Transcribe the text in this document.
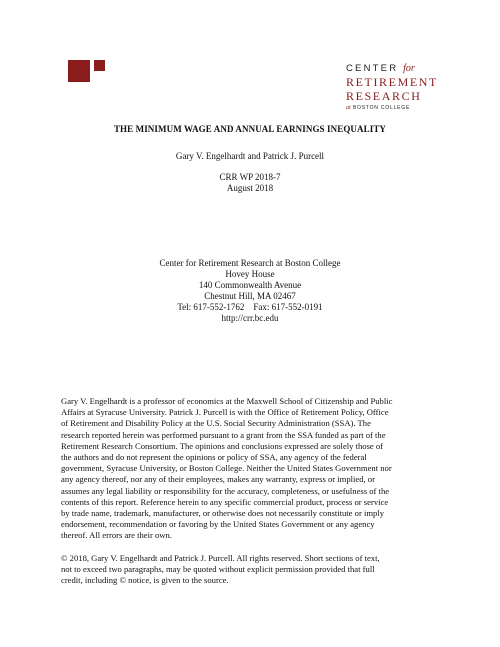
CENTER for
RETIREMENT
RESEARCH
at BOSTON COLLEGE
THE MINIMUM WAGE AND ANNUAL EARNINGS INEQUALITY
Gary V. Engelhardt and Patrick J. Purcell
CRR WP 2018-7
August 2018
Center for Retirement Research at Boston College
Hovey House
140 Commonwealth Avenue
Chestnut Hill, MA 02467
Tel: 617-552-1762    Fax: 617-552-0191
http://crr.bc.edu
Gary V. Engelhardt is a professor of economics at the Maxwell School of Citizenship and Public
Affairs at Syracuse University. Patrick J. Purcell is with the Office of Retirement Policy, Office
of Retirement and Disability Policy at the U.S. Social Security Administration (SSA). The
research reported herein was performed pursuant to a grant from the SSA funded as part of the
Retirement Research Consortium. The opinions and conclusions expressed are solely those of
the authors and do not represent the opinions or policy of SSA, any agency of the federal
government, Syracuse University, or Boston College. Neither the United States Government nor
any agency thereof, nor any of their employees, makes any warranty, express or implied, or
assumes any legal liability or responsibility for the accuracy, completeness, or usefulness of the
contents of this report. Reference herein to any specific commercial product, process or service
by trade name, trademark, manufacturer, or otherwise does not necessarily constitute or imply
endorsement, recommendation or favoring by the United States Government or any agency
thereof. All errors are their own.
© 2018, Gary V. Engelhardt and Patrick J. Purcell. All rights reserved. Short sections of text,
not to exceed two paragraphs, may be quoted without explicit permission provided that full
credit, including © notice, is given to the source.
